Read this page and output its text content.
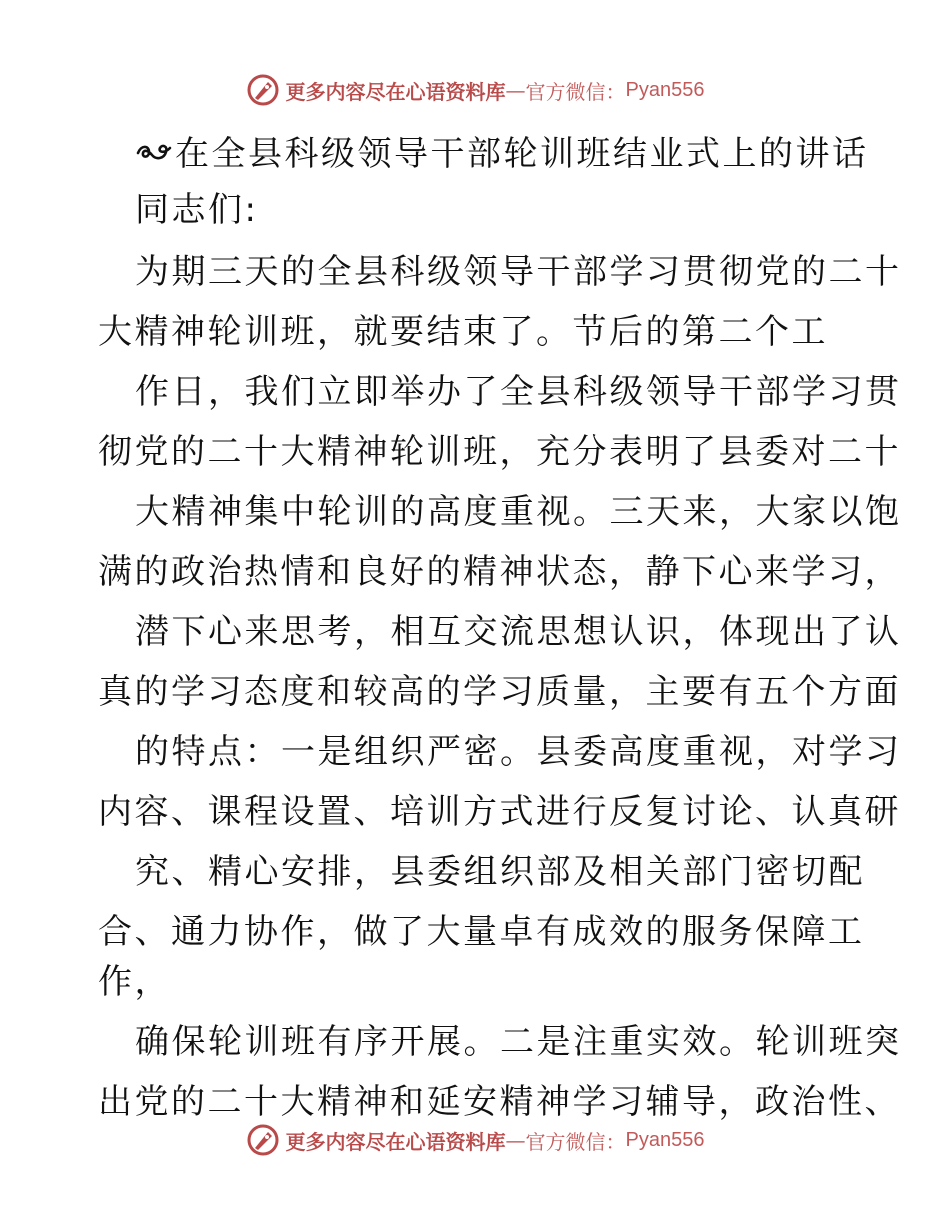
更多内容尽在心语资料库 — 官方微信： Pyan556
在全县科级领导干部轮训班结业式上的讲话
同志们:
为期三天的全县科级领导干部学习贯彻党的二十
大精神轮训班，就要结束了。节后的第二个工
作日，我们立即举办了全县科级领导干部学习贯
彻党的二十大精神轮训班，充分表明了县委对二十
大精神集中轮训的高度重视。三天来，大家以饱
满的政治热情和良好的精神状态，静下心来学习，
潜下心来思考，相互交流思想认识，体现出了认
真的学习态度和较高的学习质量，主要有五个方面
的特点：一是组织严密。县委高度重视，对学习
内容、课程设置、培训方式进行反复讨论、认真研
究、精心安排，县委组织部及相关部门密切配
合、通力协作，做了大量卓有成效的服务保障工
作，
确保轮训班有序开展。二是注重实效。轮训班突
出党的二十大精神和延安精神学习辅导，政治性、
更多内容尽在心语资料库 — 官方微信： Pyan556
